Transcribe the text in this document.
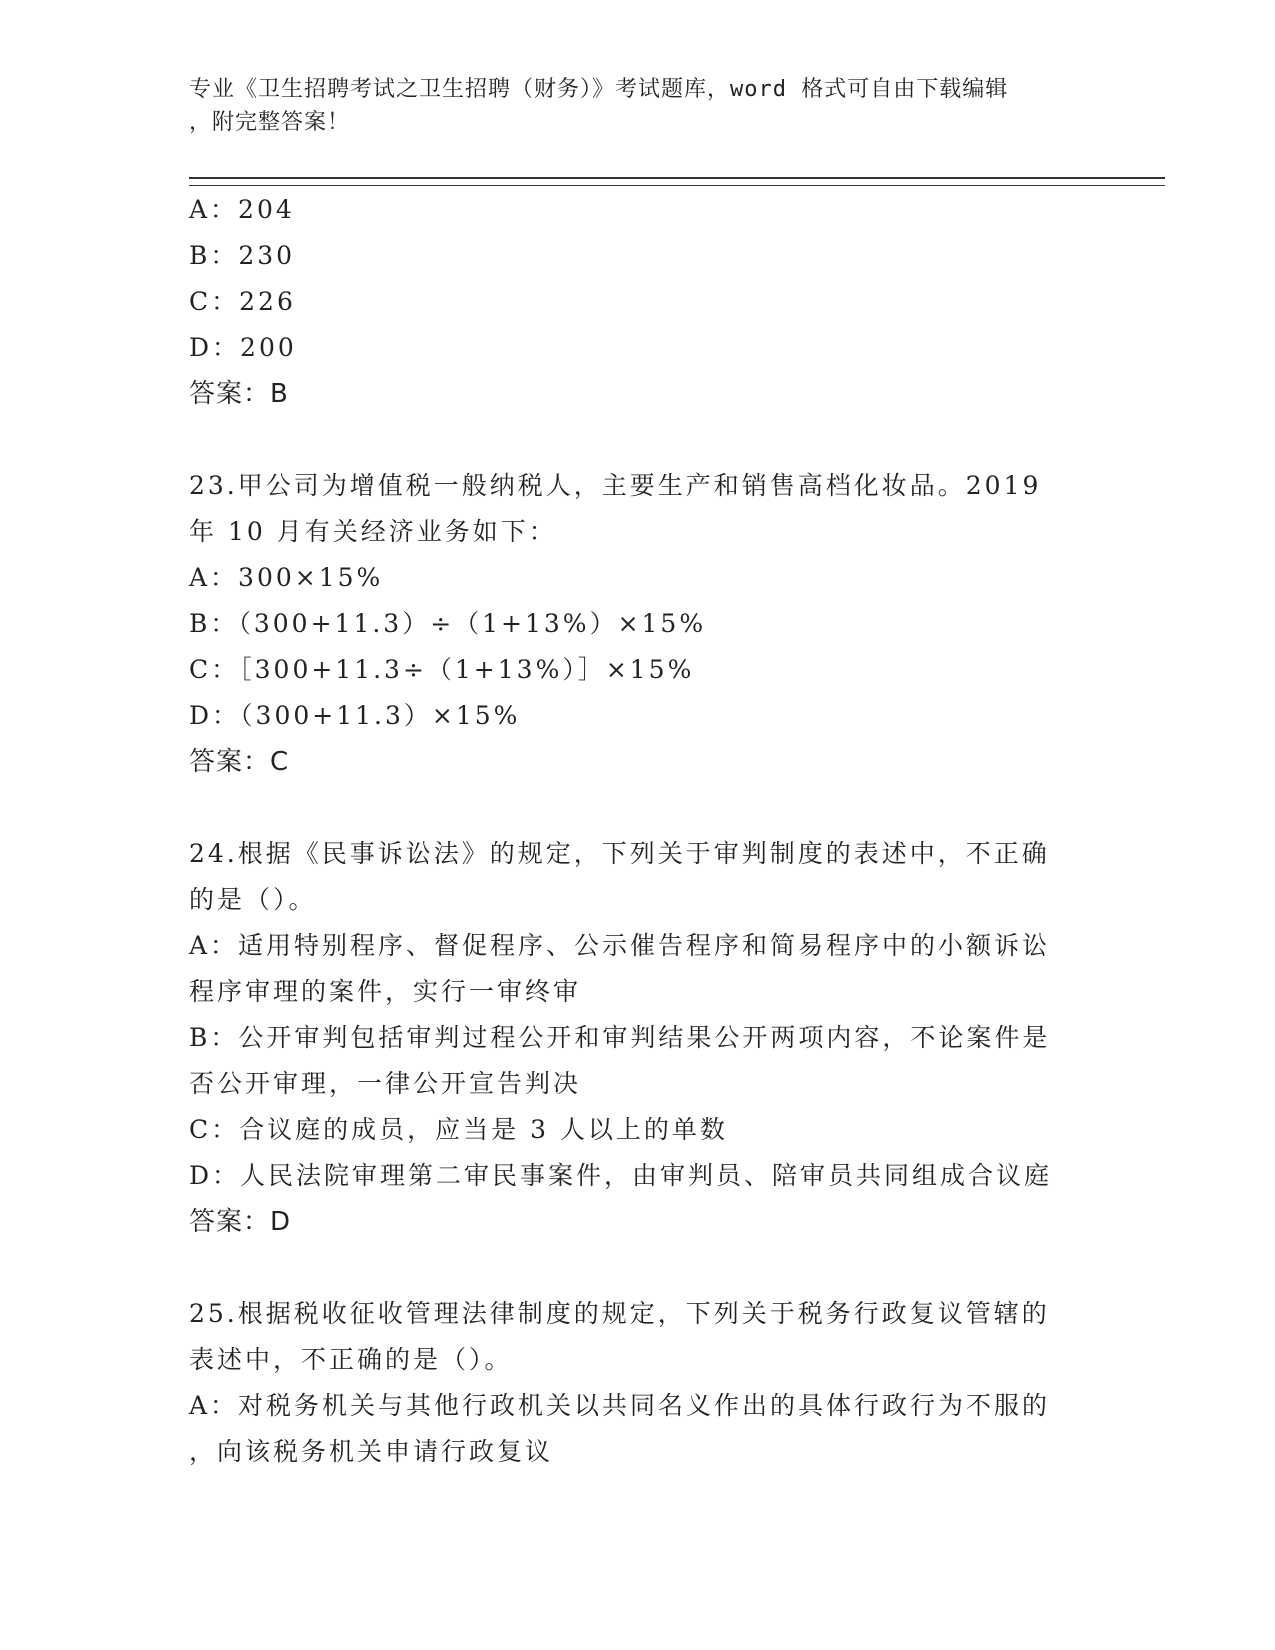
专业《卫生招聘考试之卫生招聘（财务）》考试题库，word 格式可自由下载编辑
，附完整答案！
A：204
B：230
C：226
D：200
答案：B
23.甲公司为增值税一般纳税人，主要生产和销售高档化妆品。2019
年 10 月有关经济业务如下：
A：300×15%
B：（300+11.3）÷（1+13%）×15%
C：［300+11.3÷（1+13%）］×15%
D：（300+11.3）×15%
答案：C
24.根据《民事诉讼法》的规定，下列关于审判制度的表述中，不正确
的是（）。
A：适用特别程序、督促程序、公示催告程序和简易程序中的小额诉讼
程序审理的案件，实行一审终审
B：公开审判包括审判过程公开和审判结果公开两项内容，不论案件是
否公开审理，一律公开宣告判决
C：合议庭的成员，应当是 3 人以上的单数
D：人民法院审理第二审民事案件，由审判员、陪审员共同组成合议庭
答案：D
25.根据税收征收管理法律制度的规定，下列关于税务行政复议管辖的
表述中，不正确的是（）。
A：对税务机关与其他行政机关以共同名义作出的具体行政行为不服的
，向该税务机关申请行政复议
